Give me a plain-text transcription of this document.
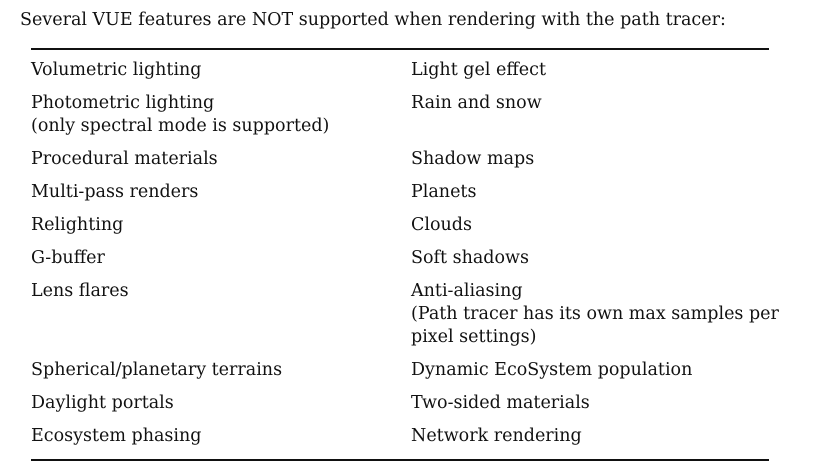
Several VUE features are NOT supported when rendering with the path tracer:
Volumetric lighting	Light gel effect

Photometric lighting
(only spectral mode is supported)	Rain and snow

Procedural materials	Shadow maps

Multi-pass renders	Planets

Relighting	Clouds

G-buffer	Soft shadows

Lens flares	Anti-aliasing
(Path tracer has its own max samples per
pixel settings)

Spherical/planetary terrains	Dynamic EcoSystem population

Daylight portals	Two-sided materials

Ecosystem phasing	Network rendering
